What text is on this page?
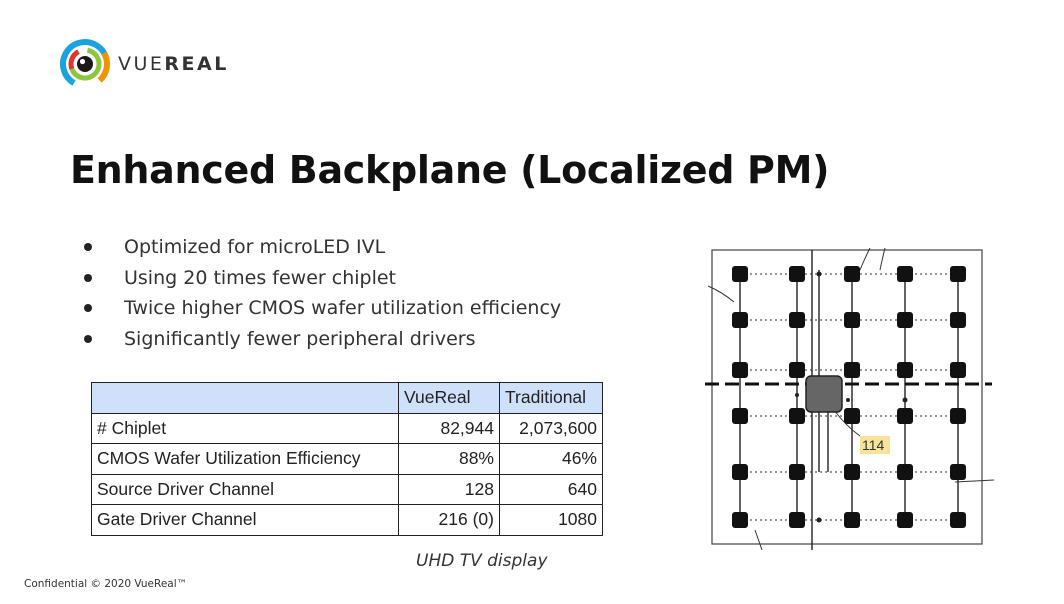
VUEREAL
Enhanced Backplane (Localized PM)
Optimized for microLED IVL
Using 20 times fewer chiplet
Twice higher CMOS wafer utilization efficiency
Significantly fewer peripheral drivers
	VueReal	Traditional
# Chiplet	82,944	2,073,600
CMOS Wafer Utilization Efficiency	88%	46%
Source Driver Channel	128	640
Gate Driver Channel	216 (0)	1080
UHD TV display
114
Confidential © 2020 VueReal™
